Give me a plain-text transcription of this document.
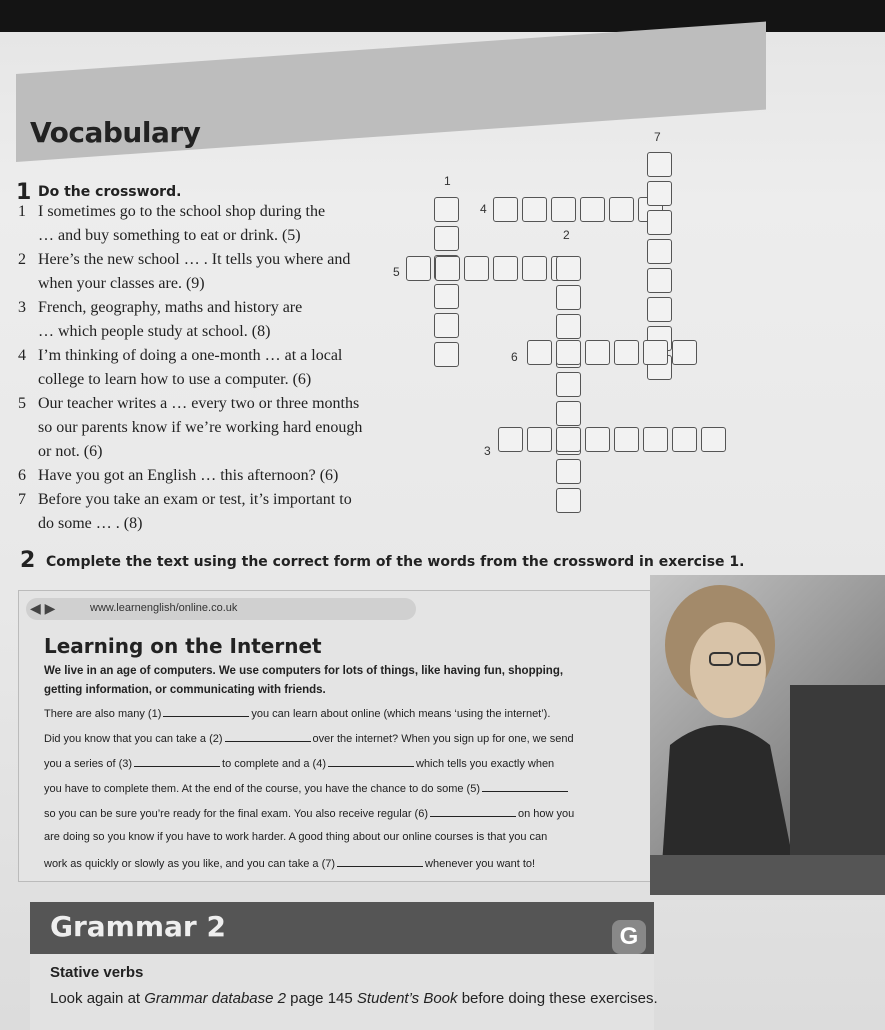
Vocabulary
1 Do the crossword.
1 I sometimes go to the school shop during the
… and buy something to eat or drink. (5)
2 Here’s the new school … . It tells you where and
when your classes are. (9)
3 French, geography, maths and history are
… which people study at school. (8)
4 I’m thinking of doing a one-month … at a local
college to learn how to use a computer. (6)
5 Our teacher writes a … every two or three months
so our parents know if we’re working hard enough
or not. (6)
6 Have you got an English … this afternoon? (6)
7 Before you take an exam or test, it’s important to
do some … . (8)
1
2
3
4
5
6
7
2 Complete the text using the correct form of the words from the crossword in exercise 1.
◀ ▶	www.learnenglish/online.co.uk
Learning on the Internet
We live in an age of computers. We use computers for lots of things, like having fun, shopping, getting information, or communicating with friends.
There are also many (1)	you can learn about online (which means ‘using the internet’).
Did you know that you can take a (2)	over the internet? When you sign up for one, we send
you a series of (3)	to complete and a (4)	which tells you exactly when
you have to complete them. At the end of the course, you have the chance to do some (5)
so you can be sure you’re ready for the final exam. You also receive regular (6)	on how you
are doing so you know if you have to work harder. A good thing about our online courses is that you can
work as quickly or slowly as you like, and you can take a (7)	whenever you want to!
Grammar 2	G
Stative verbs
Look again at Grammar database 2 page 145 Student’s Book before doing these exercises.
